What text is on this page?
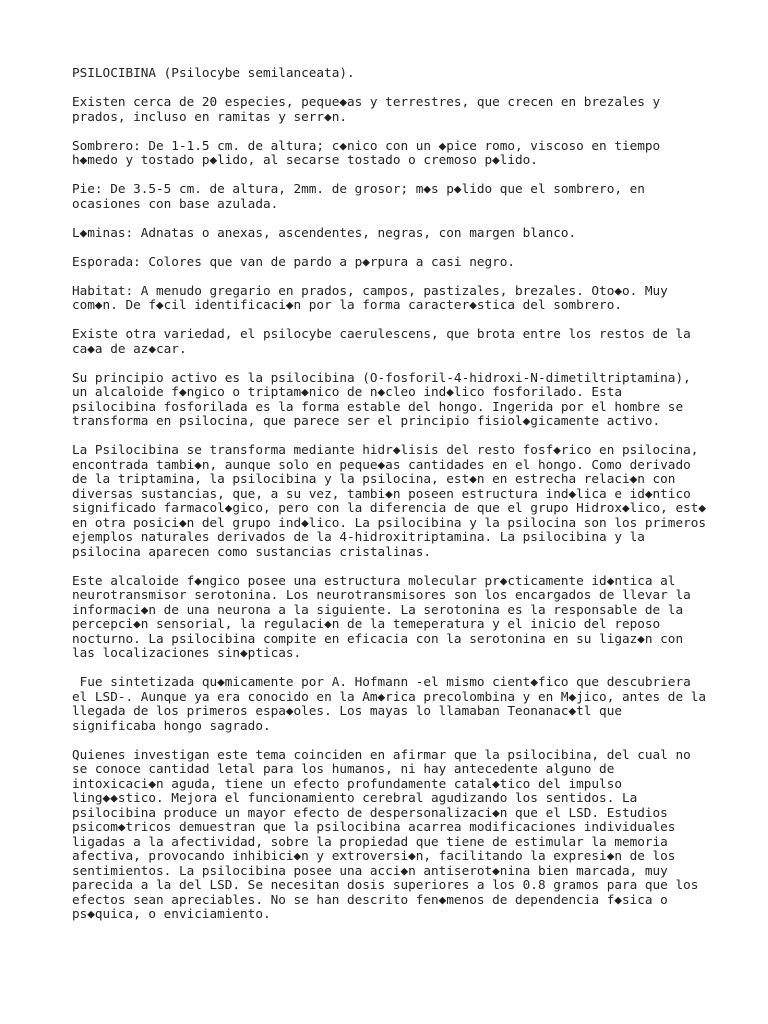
PSILOCIBINA (Psilocybe semilanceata).

Existen cerca de 20 especies, peque◆as y terrestres, que crecen en brezales y
prados, incluso en ramitas y serr◆n.

Sombrero: De 1-1.5 cm. de altura; c◆nico con un ◆pice romo, viscoso en tiempo
h◆medo y tostado p◆lido, al secarse tostado o cremoso p◆lido.

Pie: De 3.5-5 cm. de altura, 2mm. de grosor; m◆s p◆lido que el sombrero, en
ocasiones con base azulada.

L◆minas: Adnatas o anexas, ascendentes, negras, con margen blanco.

Esporada: Colores que van de pardo a p◆rpura a casi negro.

Habitat: A menudo gregario en prados, campos, pastizales, brezales. Oto◆o. Muy
com◆n. De f◆cil identificaci◆n por la forma caracter◆stica del sombrero.

Existe otra variedad, el psilocybe caerulescens, que brota entre los restos de la
ca◆a de az◆car.

Su principio activo es la psilocibina (O-fosforil-4-hidroxi-N-dimetiltriptamina),
un alcaloide f◆ngico o triptam◆nico de n◆cleo ind◆lico fosforilado. Esta
psilocibina fosforilada es la forma estable del hongo. Ingerida por el hombre se
transforma en psilocina, que parece ser el principio fisiol◆gicamente activo.

La Psilocibina se transforma mediante hidr◆lisis del resto fosf◆rico en psilocina,
encontrada tambi◆n, aunque solo en peque◆as cantidades en el hongo. Como derivado
de la triptamina, la psilocibina y la psilocina, est◆n en estrecha relaci◆n con
diversas sustancias, que, a su vez, tambi◆n poseen estructura ind◆lica e id◆ntico
significado farmacol◆gico, pero con la diferencia de que el grupo Hidrox◆lico, est◆
en otra posici◆n del grupo ind◆lico. La psilocibina y la psilocina son los primeros
ejemplos naturales derivados de la 4-hidroxitriptamina. La psilocibina y la
psilocina aparecen como sustancias cristalinas.

Este alcaloide f◆ngico posee una estructura molecular pr◆cticamente id◆ntica al
neurotransmisor serotonina. Los neurotransmisores son los encargados de llevar la
informaci◆n de una neurona a la siguiente. La serotonina es la responsable de la
percepci◆n sensorial, la regulaci◆n de la temeperatura y el inicio del reposo
nocturno. La psilocibina compite en eficacia con la serotonina en su ligaz◆n con
las localizaciones sin◆pticas.

Fue sintetizada qu◆micamente por A. Hofmann -el mismo cient◆fico que descubriera
el LSD-. Aunque ya era conocido en la Am◆rica precolombina y en M◆jico, antes de la
llegada de los primeros espa◆oles. Los mayas lo llamaban Teonanac◆tl que
significaba hongo sagrado.

Quienes investigan este tema coinciden en afirmar que la psilocibina, del cual no
se conoce cantidad letal para los humanos, ni hay antecedente alguno de
intoxicaci◆n aguda, tiene un efecto profundamente catal◆tico del impulso
ling◆◆stico. Mejora el funcionamiento cerebral agudizando los sentidos. La
psilocibina produce un mayor efecto de despersonalizaci◆n que el LSD. Estudios
psicom◆tricos demuestran que la psilocibina acarrea modificaciones individuales
ligadas a la afectividad, sobre la propiedad que tiene de estimular la memoria
afectiva, provocando inhibici◆n y extroversi◆n, facilitando la expresi◆n de los
sentimientos. La psilocibina posee una acci◆n antiserot◆nina bien marcada, muy
parecida a la del LSD. Se necesitan dosis superiores a los 0.8 gramos para que los
efectos sean apreciables. No se han descrito fen◆menos de dependencia f◆sica o
ps◆quica, o enviciamiento.
